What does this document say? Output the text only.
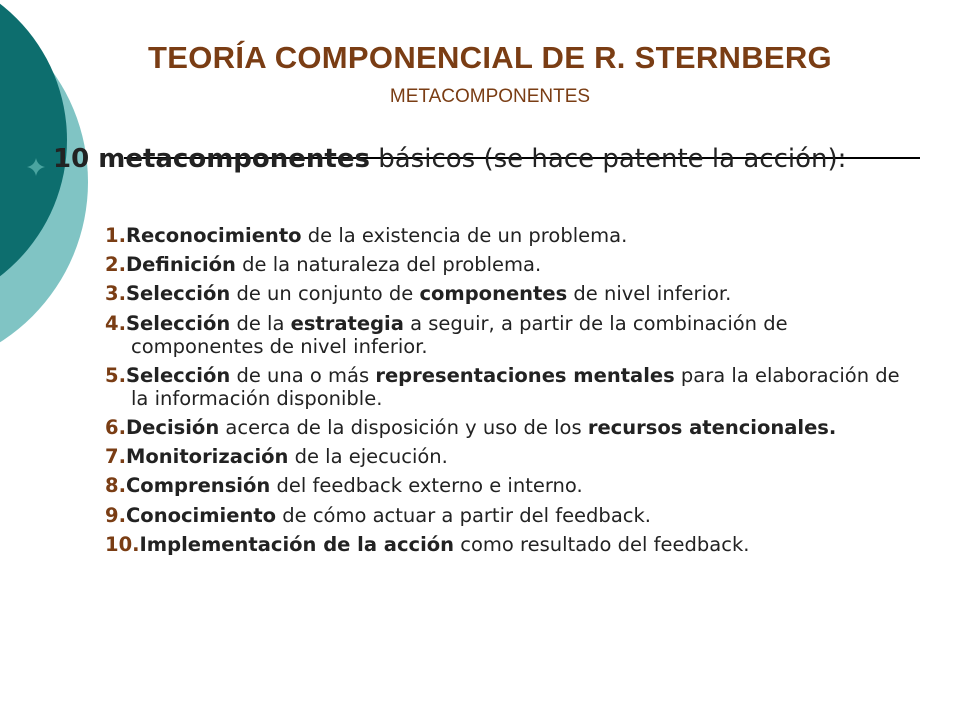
TEORÍA COMPONENCIAL DE R. STERNBERG
METACOMPONENTES
10 metacomponentes básicos (se hace patente la acción):
1.Reconocimiento de la existencia de un problema.
2.Definición de la naturaleza del problema.
3.Selección de un conjunto de componentes de nivel inferior.
4.Selección de la estrategia a seguir, a partir de la combinación de componentes de nivel inferior.
5.Selección de una o más representaciones mentales para la elaboración de la información disponible.
6.Decisión acerca de la disposición y uso de los recursos atencionales.
7.Monitorización de la ejecución.
8.Comprensión del feedback externo e interno.
9.Conocimiento de cómo actuar a partir del feedback.
10.Implementación de la acción como resultado del feedback.
